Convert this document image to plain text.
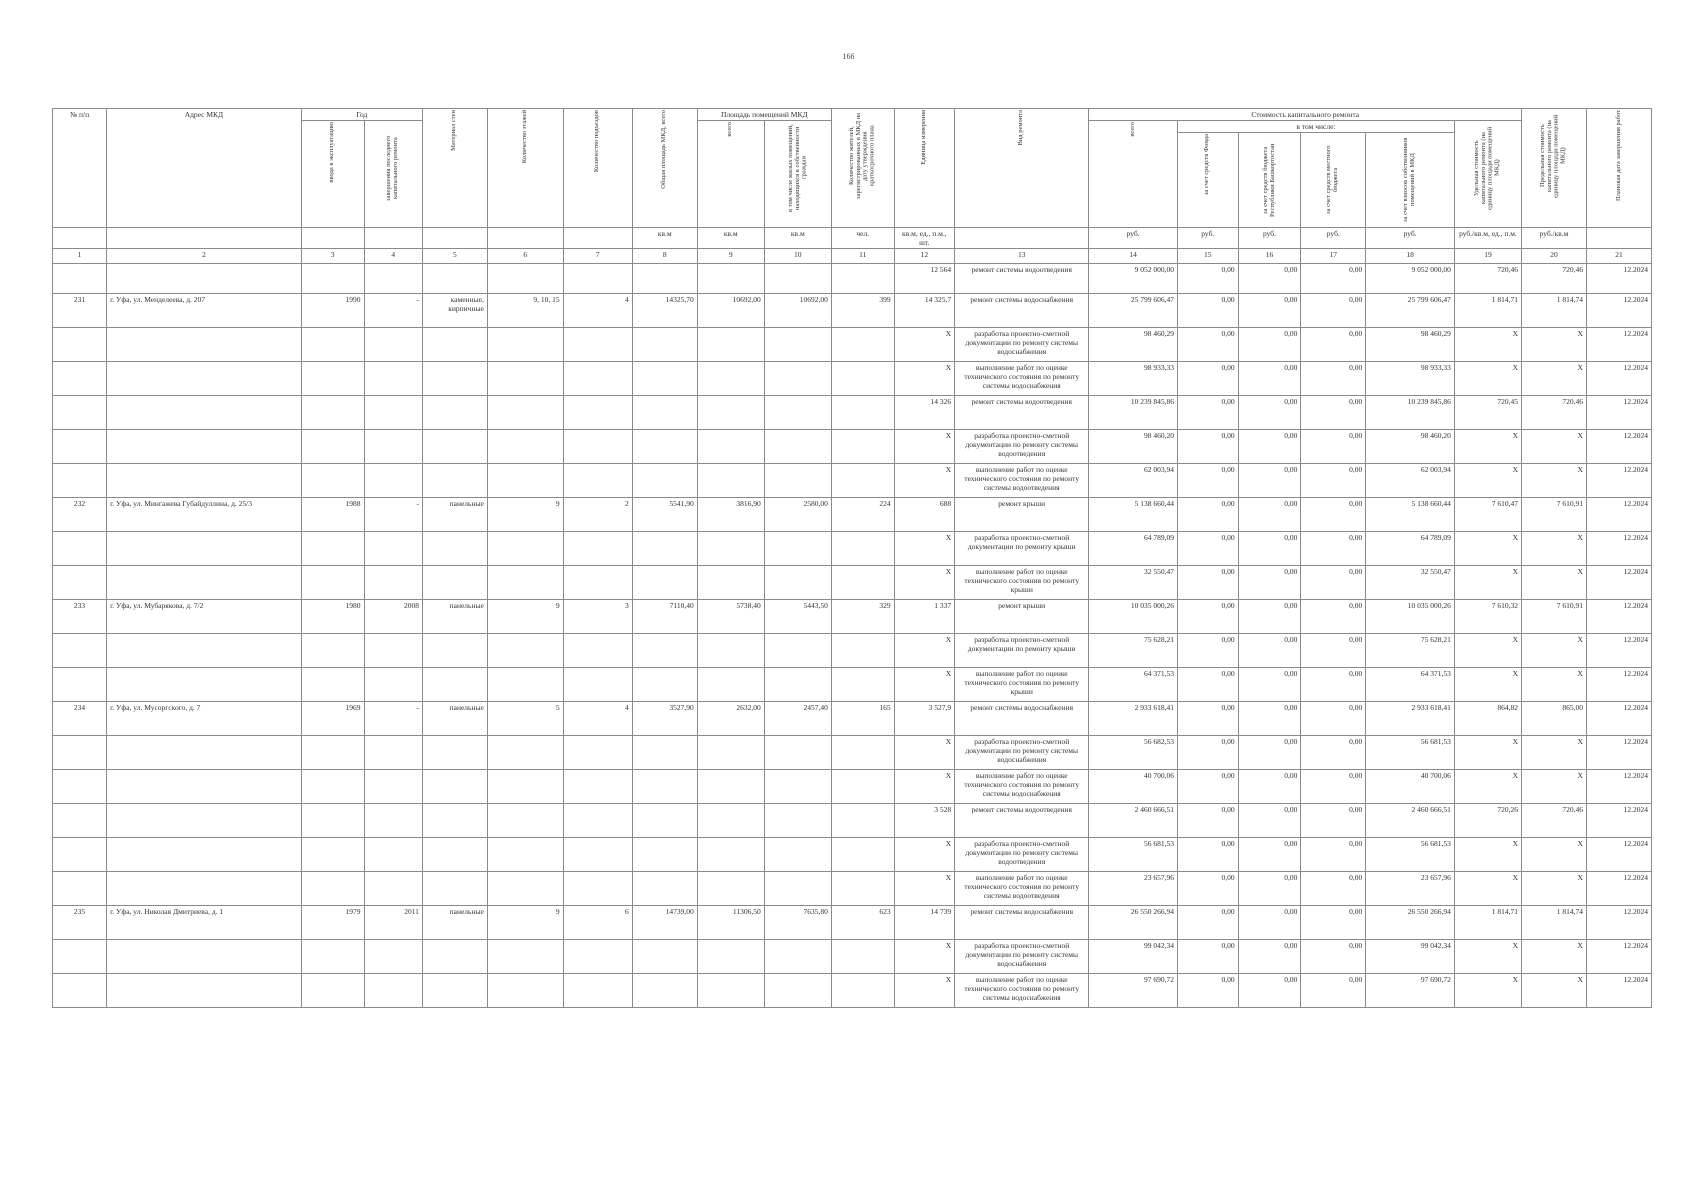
166
№ п/п	Адрес МКД	Год		Материал стен	Количество этажей	Количество подъездов	Общая площадь МКД, всего	Площадь помещений МКД		Количество жителей, зарегистрированных в МКД на дату утверждения краткосрочного плана	Единица измерения	Вид ремонта	Стоимость капитального ремонта						Предельная стоимость капитального ремонта (на единицу площади помещений МКД)	Плановая дата завершения работ

		ввода в эксплуатацию	завершения последнего капитального ремонта					всего	в том числе жилых помещений, находящихся в собственности граждан				всего	в том числе:				Удельная стоимость капитального ремонта (на единицу площади помещений МКД)		

														за счет средств Фонда	за счет средств бюджета Республики Башкортостан	за счет средств местного бюджета	за счет взносов собственников помещений в МКД			

							кв.м	кв.м	кв.м	чел.	кв.м, ед., п.м., шт.		руб.	руб.	руб.	руб.	руб.	руб./кв.м, ед., п.м.	руб./кв.м	
1	2	3	4	5	6	7	8	9	10	11	12	13	14	15	16	17	18	19	20	21
											12 564	ремонт системы водоотведения	9 052 000,00	0,00	0,00	0,00	9 052 000,00	720,46	720,46	12.2024
231	г. Уфа, ул. Менделеева, д. 207	1990	-	каменные, кирпичные	9, 10, 15	4	14325,70	10692,00	10692,00	399	14 325,7	ремонт системы водоснабжения	25 799 606,47	0,00	0,00	0,00	25 799 606,47	1 814,71	1 814,74	12.2024
											X	разработка проектно-сметной документации по ремонту системы водоснабжения	98 460,29	0,00	0,00	0,00	98 460,29	X	X	12.2024
											X	выполнение работ по оценке технического состояния по ремонту системы водоснабжения	98 933,33	0,00	0,00	0,00	98 933,33	X	X	12.2024
											14 326	ремонт системы водоотведения	10 239 845,86	0,00	0,00	0,00	10 239 845,86	720,45	720,46	12.2024
											X	разработка проектно-сметной документации по ремонту системы водоотведения	98 460,20	0,00	0,00	0,00	98 460,20	X	X	12.2024
											X	выполнение работ по оценке технического состояния по ремонту системы водоотведения	62 003,94	0,00	0,00	0,00	62 003,94	X	X	12.2024
232	г. Уфа, ул. Мингажева Губайдуллина, д. 25/3	1988	-	панельные	9	2	5541,90	3816,90	2580,00	224	688	ремонт крыши	5 138 660,44	0,00	0,00	0,00	5 138 660,44	7 610,47	7 610,91	12.2024
											X	разработка проектно-сметной документации по ремонту крыши	64 789,09	0,00	0,00	0,00	64 789,09	X	X	12.2024
											X	выполнение работ по оценке технического состояния по ремонту крыши	32 550,47	0,00	0,00	0,00	32 550,47	X	X	12.2024
233	г. Уфа, ул. Мубарякова, д. 7/2	1980	2008	панельные	9	3	7110,40	5738,40	5443,50	329	1 337	ремонт крыши	10 035 000,26	0,00	0,00	0,00	10 035 000,26	7 610,32	7 610,91	12.2024
											X	разработка проектно-сметной документации по ремонту крыши	75 628,21	0,00	0,00	0,00	75 628,21	X	X	12.2024
											X	выполнение работ по оценке технического состояния по ремонту крыши	64 371,53	0,00	0,00	0,00	64 371,53	X	X	12.2024
234	г. Уфа, ул. Мусоргского, д. 7	1969	-	панельные	5	4	3527,90	2632,00	2457,40	165	3 527,9	ремонт системы водоснабжения	2 933 618,41	0,00	0,00	0,00	2 933 618,41	864,82	865,00	12.2024
											X	разработка проектно-сметной документации по ремонту системы водоснабжения	56 682,53	0,00	0,00	0,00	56 681,53	X	X	12.2024
											X	выполнение работ по оценке технического состояния по ремонту системы водоснабжения	40 700,06	0,00	0,00	0,00	40 700,06	X	X	12.2024
											3 528	ремонт системы водоотведения	2 460 666,51	0,00	0,00	0,00	2 460 666,51	720,26	720,46	12.2024
											X	разработка проектно-сметной документации по ремонту системы водоотведения	56 681,53	0,00	0,00	0,00	56 681,53	X	X	12.2024
											X	выполнение работ по оценке технического состояния по ремонту системы водоотведения	23 657,96	0,00	0,00	0,00	23 657,96	X	X	12.2024
235	г. Уфа, ул. Николая Дмитриева, д. 1	1979	2011	панельные	9	6	14739,00	11306,50	7635,80	623	14 739	ремонт системы водоснабжения	26 550 266,94	0,00	0,00	0,00	26 550 266,94	1 814,71	1 814,74	12.2024
											X	разработка проектно-сметной документации по ремонту системы водоснабжения	99 042,34	0,00	0,00	0,00	99 042,34	X	X	12.2024
											X	выполнение работ по оценке технического состояния по ремонту системы водоснабжения	97 690,72	0,00	0,00	0,00	97 690,72	X	X	12.2024
